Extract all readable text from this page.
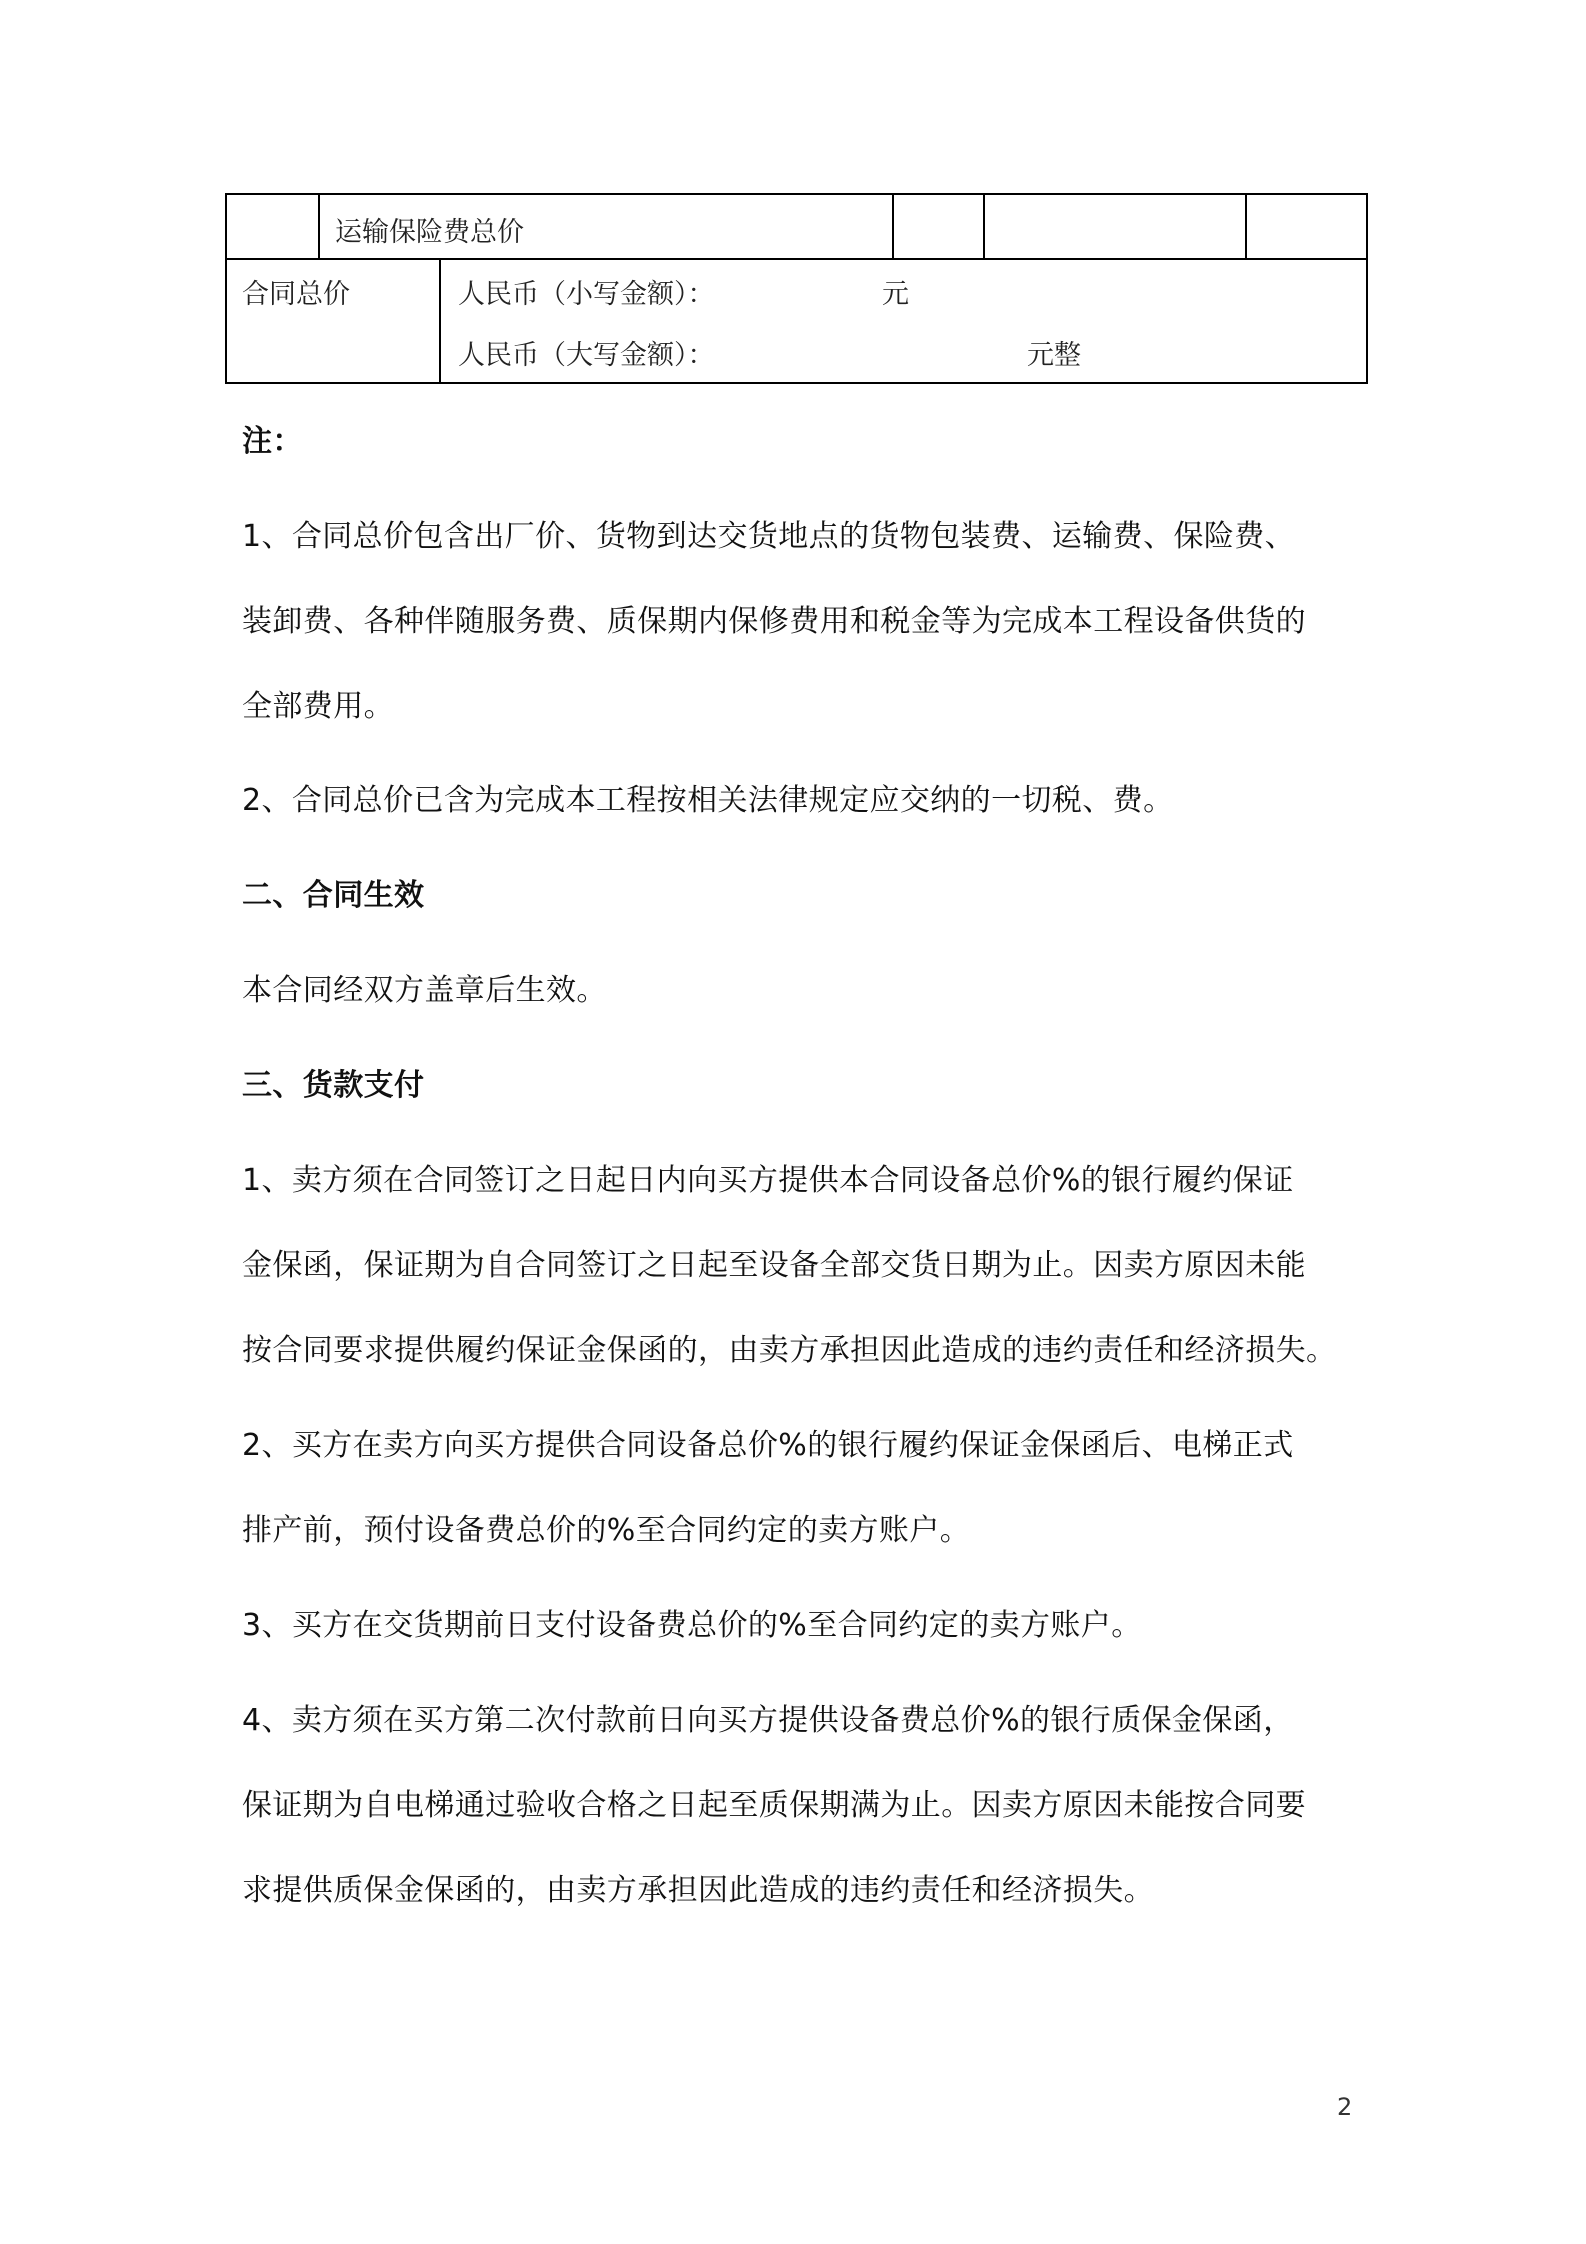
运输保险费总价
合同总价	人民币（小写金额）：	元
人民币（大写金额）：	元整
注：
1、合同总价包含出厂价、货物到达交货地点的货物包装费、运输费、保险费、
装卸费、各种伴随服务费、质保期内保修费用和税金等为完成本工程设备供货的
全部费用。
2、合同总价已含为完成本工程按相关法律规定应交纳的一切税、费。
二、合同生效
本合同经双方盖章后生效。
三、货款支付
1、卖方须在合同签订之日起日内向买方提供本合同设备总价%的银行履约保证
金保函，保证期为自合同签订之日起至设备全部交货日期为止。因卖方原因未能
按合同要求提供履约保证金保函的，由卖方承担因此造成的违约责任和经济损失。
2、买方在卖方向买方提供合同设备总价%的银行履约保证金保函后、电梯正式
排产前，预付设备费总价的%至合同约定的卖方账户。
3、买方在交货期前日支付设备费总价的%至合同约定的卖方账户。
4、卖方须在买方第二次付款前日向买方提供设备费总价%的银行质保金保函，
保证期为自电梯通过验收合格之日起至质保期满为止。因卖方原因未能按合同要
求提供质保金保函的，由卖方承担因此造成的违约责任和经济损失。
2
